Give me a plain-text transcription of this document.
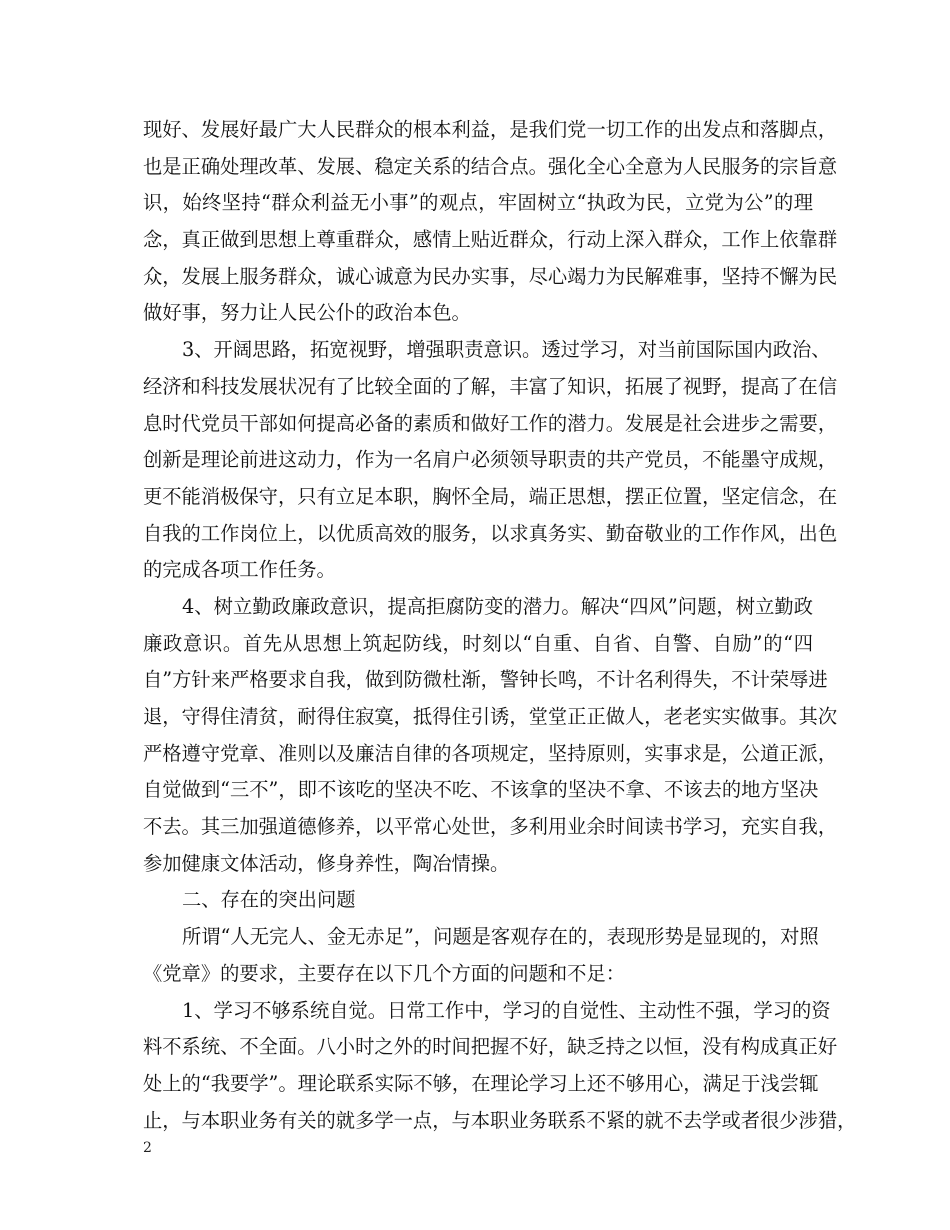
现好、发展好最广大人民群众的根本利益，是我们党一切工作的出发点和落脚点，
也是正确处理改革、发展、稳定关系的结合点。强化全心全意为人民服务的宗旨意
识，始终坚持“群众利益无小事”的观点，牢固树立“执政为民，立党为公”的理
念，真正做到思想上尊重群众，感情上贴近群众，行动上深入群众，工作上依靠群
众，发展上服务群众，诚心诚意为民办实事，尽心竭力为民解难事，坚持不懈为民
做好事，努力让人民公仆的政治本色。
3、开阔思路，拓宽视野，增强职责意识。透过学习，对当前国际国内政治、
经济和科技发展状况有了比较全面的了解，丰富了知识，拓展了视野，提高了在信
息时代党员干部如何提高必备的素质和做好工作的潜力。发展是社会进步之需要，
创新是理论前进这动力，作为一名肩户必须领导职责的共产党员，不能墨守成规，
更不能消极保守，只有立足本职，胸怀全局，端正思想，摆正位置，坚定信念，在
自我的工作岗位上，以优质高效的服务，以求真务实、勤奋敬业的工作作风，出色
的完成各项工作任务。
4、树立勤政廉政意识，提高拒腐防变的潜力。解决“四风”问题，树立勤政
廉政意识。首先从思想上筑起防线，时刻以“自重、自省、自警、自励”的“四
自”方针来严格要求自我，做到防微杜渐，警钟长鸣，不计名利得失，不计荣辱进
退，守得住清贫，耐得住寂寞，抵得住引诱，堂堂正正做人，老老实实做事。其次
严格遵守党章、准则以及廉洁自律的各项规定，坚持原则，实事求是，公道正派，
自觉做到“三不”，即不该吃的坚决不吃、不该拿的坚决不拿、不该去的地方坚决
不去。其三加强道德修养，以平常心处世，多利用业余时间读书学习，充实自我，
参加健康文体活动，修身养性，陶冶情操。
二、存在的突出问题
所谓“人无完人、金无赤足”，问题是客观存在的，表现形势是显现的，对照
《党章》的要求，主要存在以下几个方面的问题和不足：
1、学习不够系统自觉。日常工作中，学习的自觉性、主动性不强，学习的资
料不系统、不全面。八小时之外的时间把握不好，缺乏持之以恒，没有构成真正好
处上的“我要学”。理论联系实际不够，在理论学习上还不够用心，满足于浅尝辄
止，与本职业务有关的就多学一点，与本职业务联系不紧的就不去学或者很少涉猎，
2
